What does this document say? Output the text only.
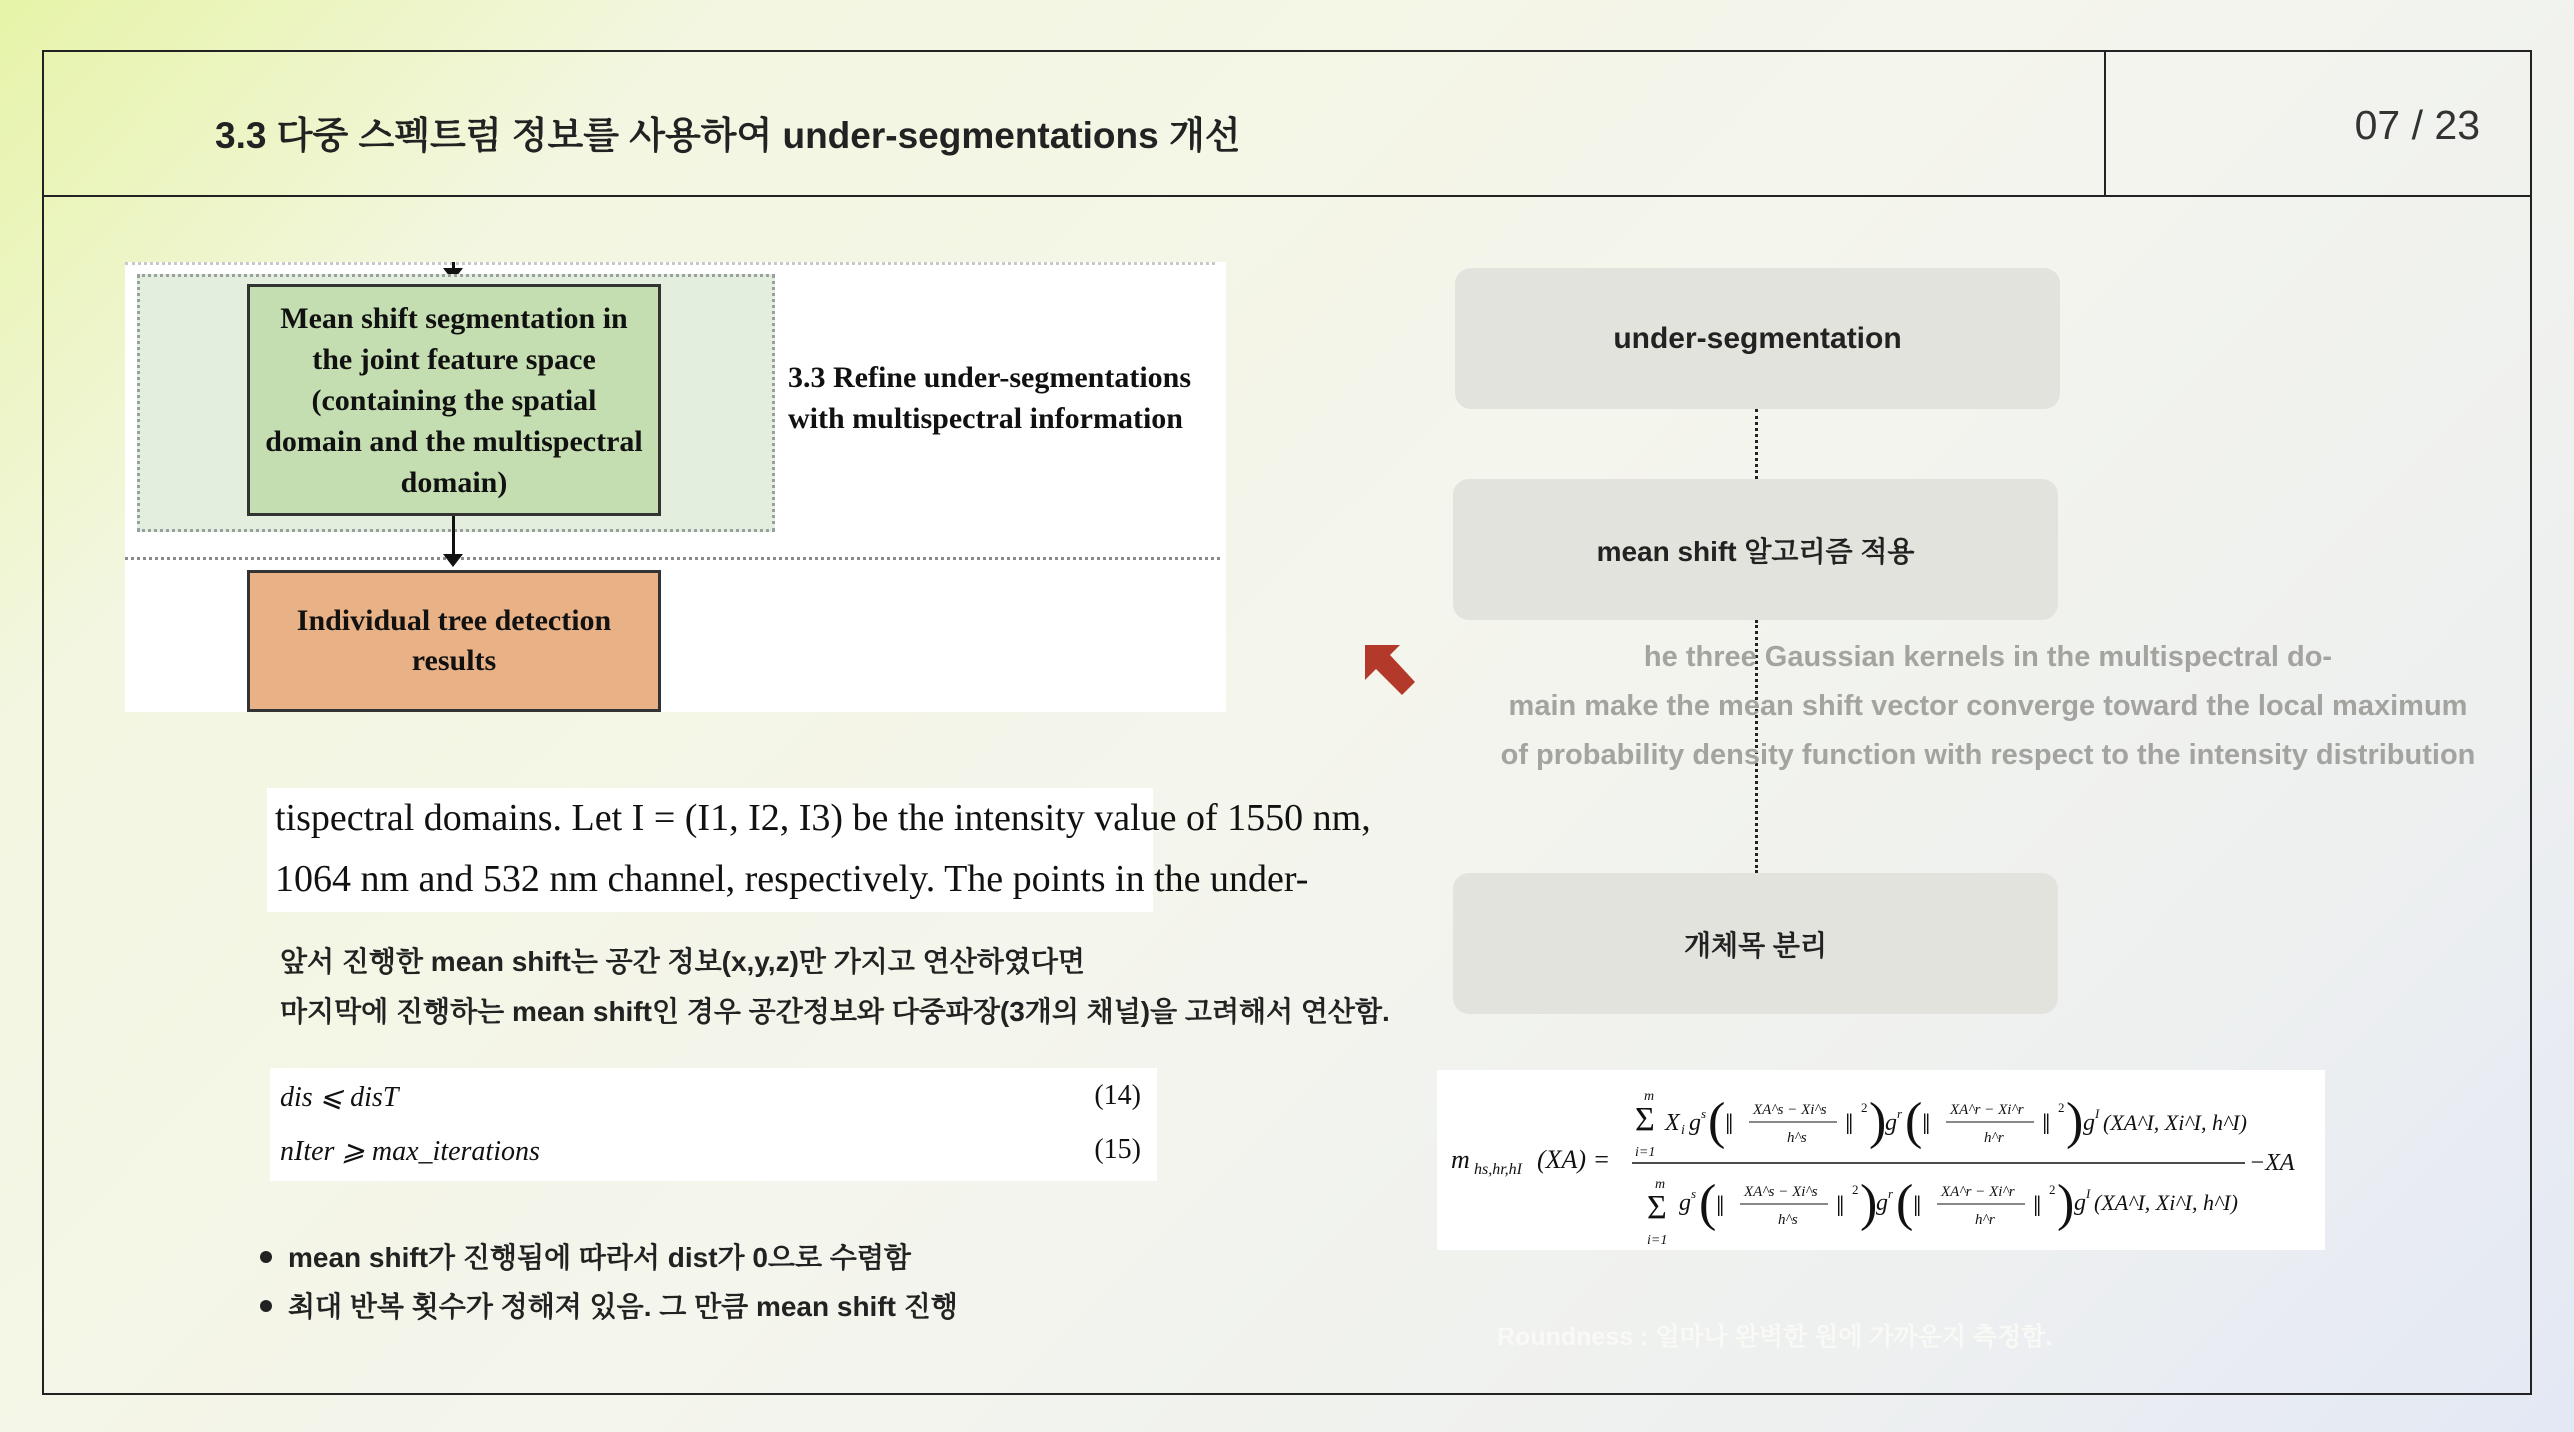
3.3 다중 스펙트럼 정보를 사용하여 under-segmentations 개선	07 / 23
Mean shift segmentation in the joint feature space (containing the spatial domain and the multispectral domain)
3.3 Refine under-segmentations
with multispectral information
Individual tree detection results
tispectral domains. Let I = (I1, I2, I3) be the intensity value of 1550 nm,
1064 nm and 532 nm channel, respectively. The points in the under-
앞서 진행한 mean shift는 공간 정보(x,y,z)만 가지고 연산하였다면
마지막에 진행하는 mean shift인 경우 공간정보와 다중파장(3개의 채널)을 고려해서 연산함.
dis ⩽ disT	(14)
nIter ⩾ max_iterations	(15)
mean shift가 진행됨에 따라서 dist가 0으로 수렴함
최대 반복 횟수가 정해져 있음. 그 만큼 mean shift 진행
under-segmentation
mean shift 알고리즘 적용
개체목 분리
he three Gaussian kernels in the multispectral do-
main make the mean shift vector converge toward the local maximum
of probability density function with respect to the intensity distribution
m hs,hr,hI (XA) =
Σ
m
i=1
X i g s ( ‖ XA^s − Xi^s
h^s ‖
2 )
g r ( ‖ XA^r − Xi^r
h^r ‖
2 ) g I (XA^I, Xi^I, h^I)
Σ
m
i=1
g s ( ‖ XA^s − Xi^s
h^s ‖
2 )
g r ( ‖ XA^r − Xi^r
h^r ‖
2 ) g I (XA^I, Xi^I, h^I)
−XA
Roundness : 얼마나 완벽한 원에 가까운지 측정함.
